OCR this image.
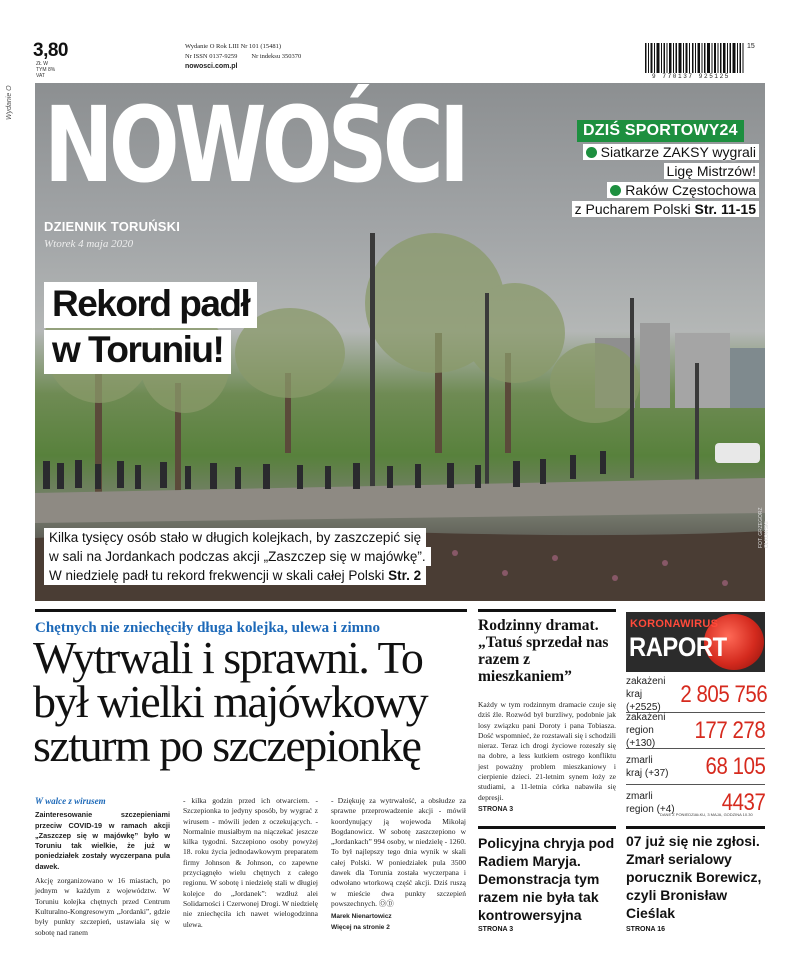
3,80
ZŁ W TYM 8% VAT
Wydanie O
Wydanie O Rok LIII Nr 101 (15481)
Nr ISSN 0137-9259 Nr indeksu 350370
nowosci.com.pl
9 770137 925125
15
NOWOŚCI
DZIENNIK TORUŃSKI
Wtorek 4 maja 2020
DZIŚ SPORTOWY24
Siatkarze ZAKSY wygrali
Ligę Mistrzów!
Raków Częstochowa
z Pucharem Polski Str. 11-15
Rekord padł
w Toruniu!
Kilka tysięcy osób stało w długich kolejkach, by zaszczepić się
w sali na Jordankach podczas akcji „Zaszczep się w majówkę”.
W niedzielę padł tu rekord frekwencji w skali całej Polski Str. 2
FOT. GRZEGORZ OLKOWSKI
Chętnych nie zniechęciły długa kolejka, ulewa i zimno
Wytrwali i sprawni. To był wielki majówkowy szturm po szczepionkę
W walce z wirusem
Zainteresowanie szczepieniami przeciw COVID-19 w ramach akcji „Zaszczep się w majówkę” było w Toruniu tak wielkie, że już w poniedziałek zostały wyczerpana pula dawek.

Akcję zorganizowano w 16 miastach, po jednym w każdym z województw. W Toruniu kolejka chętnych przed Centrum Kulturalno-Kongresowym „Jordanki”, gdzie były punkty szczepień, ustawiała się w sobotę nad ranem

- kilka godzin przed ich otwarciem. - Szczepionka to jedyny sposób, by wygrać z wirusem - mówili jeden z oczekujących. - Normalnie musiałbym na niączekać jeszcze kilka tygodni. Szczepiono osoby powyżej 18. roku życia jednodawkowym preparatem firmy Johnson & Johnson, co zapewne przyciągnęło wielu chętnych z całego regionu. W sobotę i niedzielę stali w długiej kolejce do „Jordanek”: wzdłuż alei Solidarności i Czerwonej Drogi. W niedzielę nie zniechęciła ich nawet wielogodzinna ulewa.

- Dziękuję za wytrwałość, a obsłudze za sprawne przeprowadzenie akcji - mówił koordynujący ją wojewoda Mikołaj Bogdanowicz. W sobotę zaszczepiono w „Jordankach” 994 osoby, w niedzielę - 1260. To był najlepszy tego dnia wynik w skali całej Polski. W poniedziałek pula 3500 dawek dla Torunia została wyczerpana i odwołano wtorkową część akcji. Dziś ruszą w mieście dwa punkty szczepień powszechnych. ⓄⒹ

Marek Nienartowicz
Więcej na stronie 2
Rodzinny dramat. „Tatuś sprzedał nas razem z mieszkaniem”

Każdy w tym rodzinnym dramacie czuje się dziś źle. Rozwód był burzliwy, podobnie jak losy związku pani Doroty i pana Tobiasza. Dość wspomnieć, że rozstawali się i schodzili nieraz. Teraz ich drogi życiowe rozeszły się na dobre, a less kutkiem ostrego konfliktu jest poważny problem mieszkaniowy i cierpienie dzieci. 21-letnim synem łoży ze studiami, a 11-letnia córka nabawiła się depresji.

STRONA 3
Policyjna chryja pod Radiem Maryja. Demonstracja tym razem nie była tak kontrowersyjna
STRONA 3
KORONAWIRUS
RAPORT
zakażeni
kraj (+2525) 2 805 756
zakażeni
region (+130)	177 278
zmarli
kraj (+37) 68 105
zmarli
region (+4) 4437
DANE Z PONIEDZIAŁKU, 3 MAJA, GODZINA 10.30
07 już się nie zgłosi. Zmarł serialowy porucznik Borewicz, czyli Bronisław Cieślak
STRONA 16
